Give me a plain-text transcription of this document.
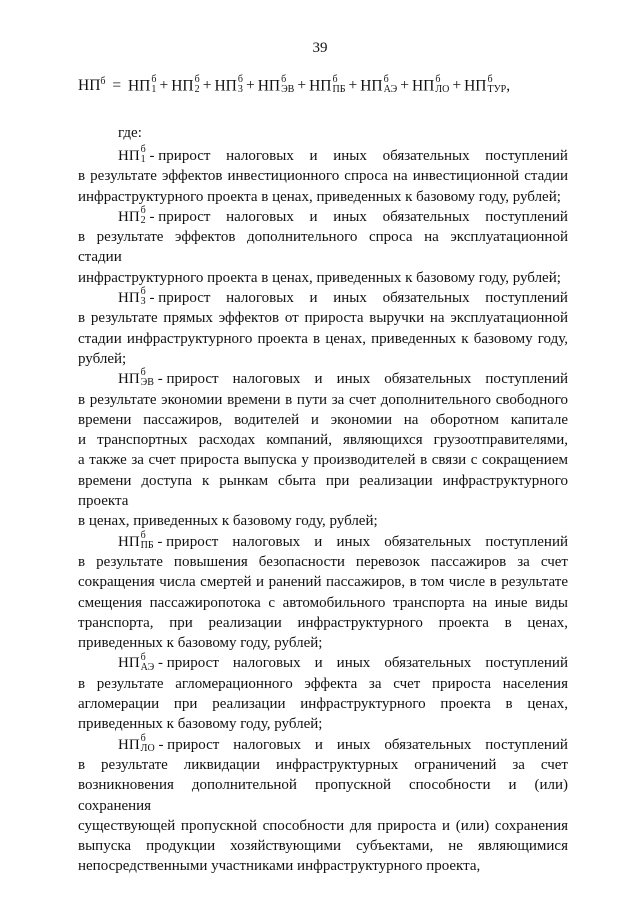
39
$НП^б$ = НП б
1 + НП б
2 + НП б
3 + НП б
ЭВ + НП б
ПБ + НП б
АЭ + НП б
ЛО + НП б
ТУР ,
где:
НП б
1 - прирост налоговых и иных обязательных поступлений
в результате эффектов инвестиционного спроса на инвестиционной стадии
инфраструктурного проекта в ценах, приведенных к базовому году, рублей;
НП б
2 - прирост налоговых и иных обязательных поступлений
в результате эффектов дополнительного спроса на эксплуатационной стадии
инфраструктурного проекта в ценах, приведенных к базовому году, рублей;
НП б
3 - прирост налоговых и иных обязательных поступлений
в результате прямых эффектов от прироста выручки на эксплуатационной
стадии инфраструктурного проекта в ценах, приведенных к базовому году,
рублей;
НП б
ЭВ - прирост налоговых и иных обязательных поступлений
в результате экономии времени в пути за счет дополнительного свободного
времени пассажиров, водителей и экономии на оборотном капитале
и транспортных расходах компаний, являющихся грузоотправителями,
а также за счет прироста выпуска у производителей в связи с сокращением
времени доступа к рынкам сбыта при реализации инфраструктурного проекта
в ценах, приведенных к базовому году, рублей;
НП б
ПБ - прирост налоговых и иных обязательных поступлений
в результате повышения безопасности перевозок пассажиров за счет
сокращения числа смертей и ранений пассажиров, в том числе в результате
смещения пассажиропотока с автомобильного транспорта на иные виды
транспорта, при реализации инфраструктурного проекта в ценах,
приведенных к базовому году, рублей;
НП б
АЭ - прирост налоговых и иных обязательных поступлений
в результате агломерационного эффекта за счет прироста населения
агломерации при реализации инфраструктурного проекта в ценах,
приведенных к базовому году, рублей;
НП б
ЛО - прирост налоговых и иных обязательных поступлений
в результате ликвидации инфраструктурных ограничений за счет
возникновения дополнительной пропускной способности и (или) сохранения
существующей пропускной способности для прироста и (или) сохранения
выпуска продукции хозяйствующими субъектами, не являющимися
непосредственными участниками инфраструктурного проекта,
